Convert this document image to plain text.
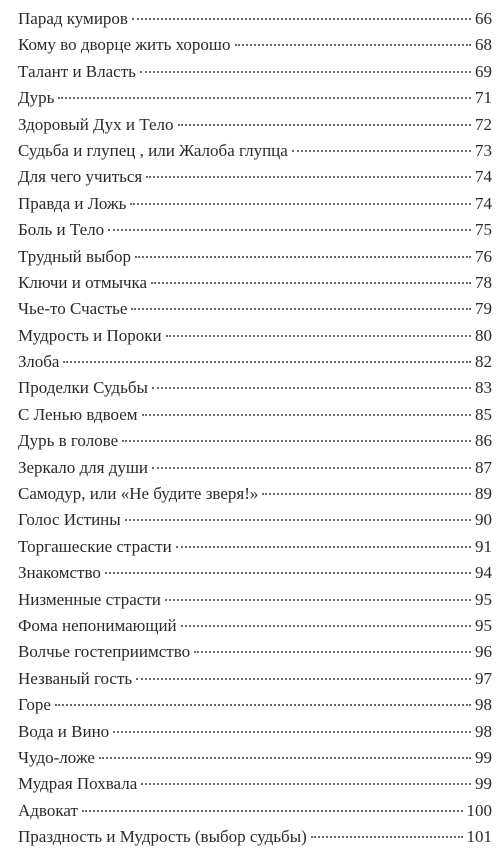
Парад кумиров	66
Кому во дворце жить хорошо	68
Талант и Власть	69
Дурь	71
Здоровый Дух и Тело	72
Судьба и глупец , или Жалоба глупца	73
Для чего учиться	74
Правда и Ложь	74
Боль и Тело	75
Трудный выбор	76
Ключи и отмычка	78
Чье-то Счастье	79
Мудрость и Пороки	80
Злоба	82
Проделки Судьбы	83
С Ленью вдвоем	85
Дурь в голове	86
Зеркало для души	87
Самодур, или «Не будите зверя!»	89
Голос Истины	90
Торгашеские страсти	91
Знакомство	94
Низменные страсти	95
Фома непонимающий	95
Волчье гостеприимство	96
Незваный гость	97
Горе	98
Вода и Вино	98
Чудо-ложе	99
Мудрая Похвала	99
Адвокат	100
Праздность и Мудрость (выбор судьбы)	101
